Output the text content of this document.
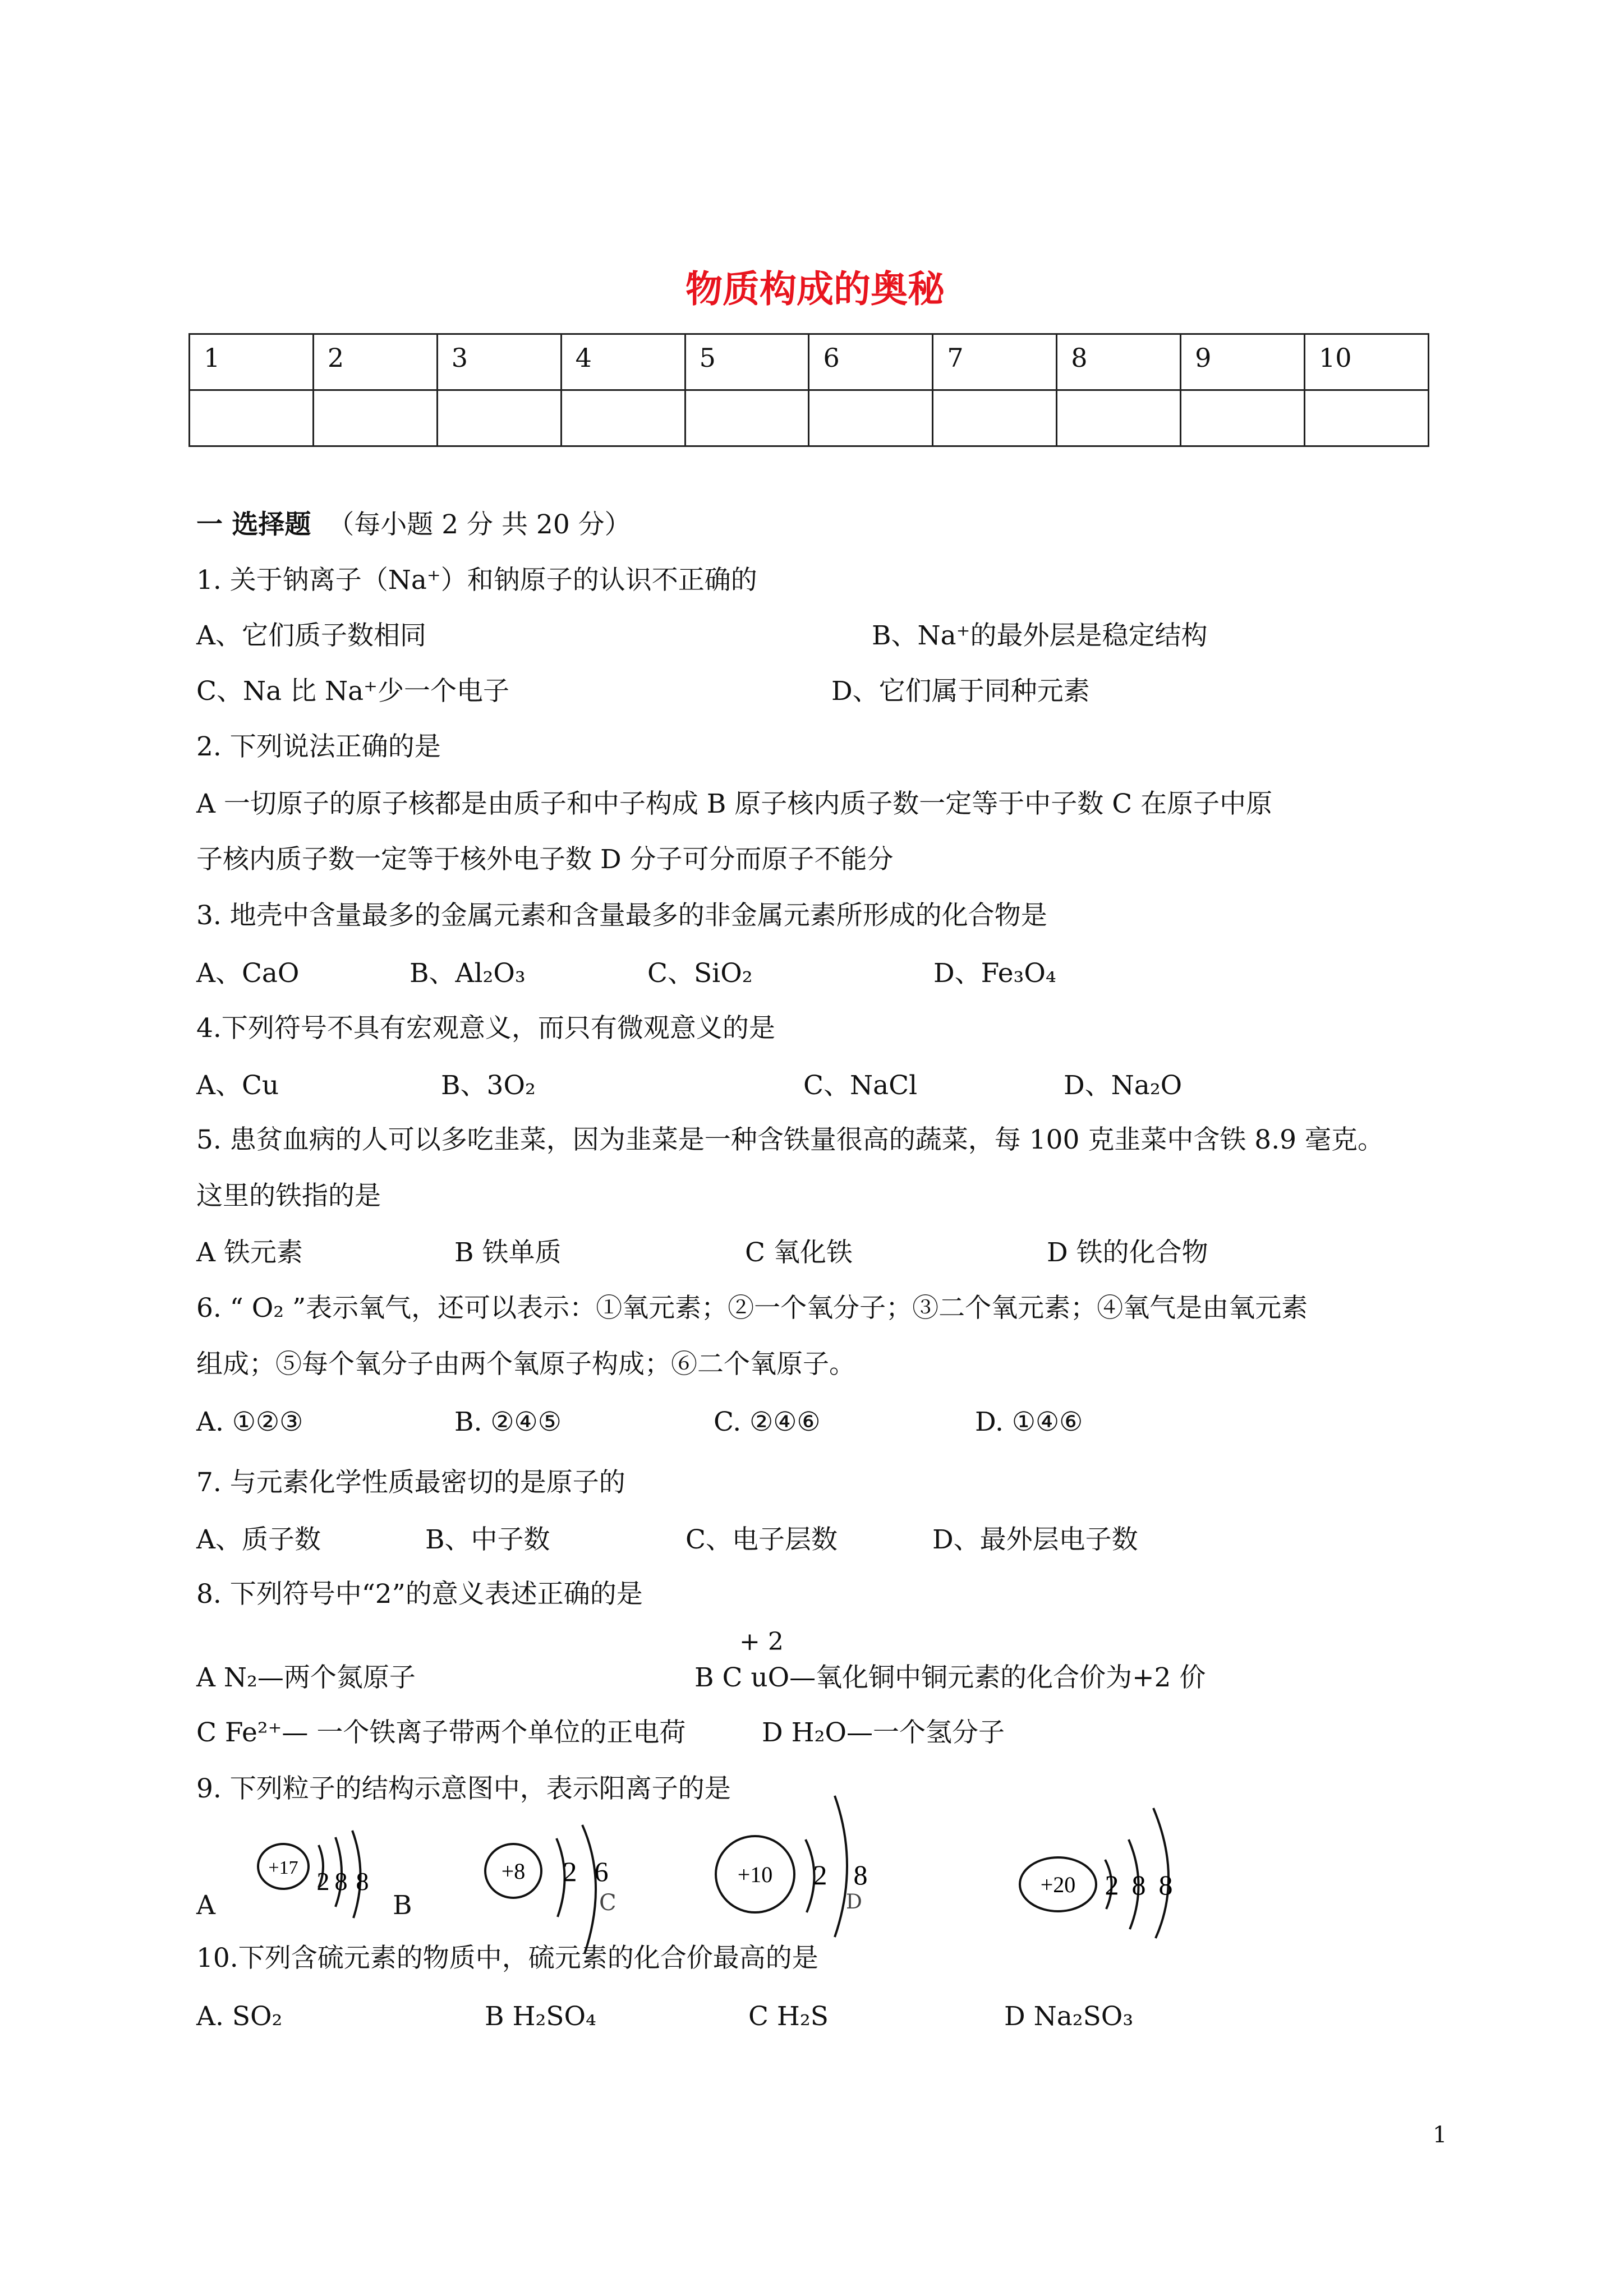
物质构成的奥秘
1	2	3	4	5	6	7	8	9	10

一 选择题 （每小题 2 分 共 20 分）
1. 关于钠离子（Na⁺）和钠原子的认识不正确的
A、它们质子数相同	B、Na⁺的最外层是稳定结构
C、Na 比 Na⁺少一个电子	D、它们属于同种元素
2. 下列说法正确的是
A 一切原子的原子核都是由质子和中子构成 B 原子核内质子数一定等于中子数 C 在原子中原
子核内质子数一定等于核外电子数 D 分子可分而原子不能分
3. 地壳中含量最多的金属元素和含量最多的非金属元素所形成的化合物是
A、CaO	B、Al₂O₃	C、SiO₂	D、Fe₃O₄
4.下列符号不具有宏观意义，而只有微观意义的是
A、Cu	B、3O₂	C、NaCl	D、Na₂O
5. 患贫血病的人可以多吃韭菜，因为韭菜是一种含铁量很高的蔬菜，每 100 克韭菜中含铁 8.9 毫克。
这里的铁指的是
A 铁元素	B 铁单质	C 氧化铁	D 铁的化合物
6. “ O₂ ”表示氧气，还可以表示：①氧元素；②一个氧分子；③二个氧元素；④氧气是由氧元素
组成；⑤每个氧分子由两个氧原子构成；⑥二个氧原子。
A. ①②③	B. ②④⑤	C. ②④⑥	D. ①④⑥
7. 与元素化学性质最密切的是原子的
A、质子数	B、中子数	C、电子层数	D、最外层电子数
8. 下列符号中“2”的意义表述正确的是
+ 2
A N₂—两个氮原子	B C uO—氧化铜中铜元素的化合价为+2 价
C Fe²⁺— 一个铁离子带两个单位的正电荷	D H₂O—一个氢分子
9. 下列粒子的结构示意图中，表示阳离子的是
A
+17 2 8 8
B
+8 2 6
C
+10 2 8
D
+20 2 8 8
10.下列含硫元素的物质中，硫元素的化合价最高的是
A. SO₂	B H₂SO₄	C H₂S	D Na₂SO₃
1
